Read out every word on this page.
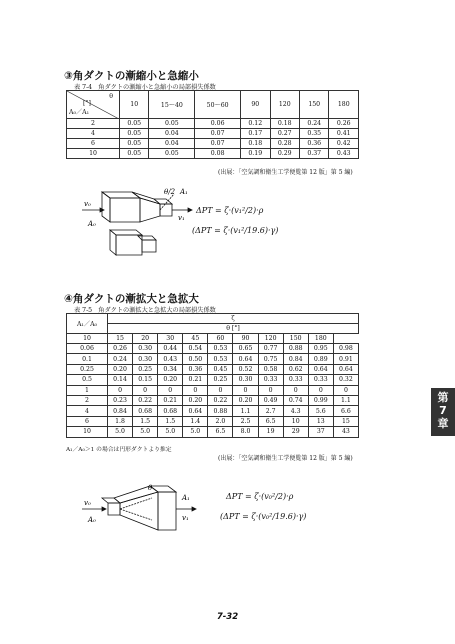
③角ダクトの漸縮小と急縮小
表 7-4　角ダクトの漸縮小と急縮小の局部損失係数
θ
[°]
A₀／A₁	10	15～40	50～60	90	120	150	180
2	0.05	0.05	0.06	0.12	0.18	0.24	0.26
4	0.05	0.04	0.07	0.17	0.27	0.35	0.41
6	0.05	0.04	0.07	0.18	0.28	0.36	0.42
10	0.05	0.05	0.08	0.19	0.29	0.37	0.43
(出展：「空気調和衛生工学便覧第 12 版」第 5 編)
θ/2 A₁
v₀
A₀
v₁
ΔPT = ζ·(v₁²/2)·ρ
(ΔPT = ζ·(v₁²/19.6)·γ)
④角ダクトの漸拡大と急拡大
表 7-5　角ダクトの漸拡大と急拡大の局部損失係数
A₁／A₀	ζ									
	θ [°]									
10	15	20	30	45	60	90	120	150	180	
0.06	0.26	0.30	0.44	0.54	0.53	0.65	0.77	0.88	0.95	0.98
0.1	0.24	0.30	0.43	0.50	0.53	0.64	0.75	0.84	0.89	0.91
0.25	0.20	0.25	0.34	0.36	0.45	0.52	0.58	0.62	0.64	0.64
0.5	0.14	0.15	0.20	0.21	0.25	0.30	0.33	0.33	0.33	0.32
1	0	0	0	0	0	0	0	0	0	0
2	0.23	0.22	0.21	0.20	0.22	0.20	0.49	0.74	0.99	1.1
4	0.84	0.68	0.68	0.64	0.88	1.1	2.7	4.3	5.6	6.6
6	1.8	1.5	1.5	1.4	2.0	2.5	6.5	10	13	15
10	5.0	5.0	5.0	5.0	6.5	8.0	19	29	37	43
A₁／A₀＞1 の場合は円形ダクトより推定
(出展：「空気調和衛生工学便覧第 12 版」第 5 編)
θ
A₁
v₁
v₀
A₀
ΔPT = ζ·(v₀²/2)·ρ
(ΔPT = ζ·(v₀²/19.6)·γ)
第
7
章
7-32
